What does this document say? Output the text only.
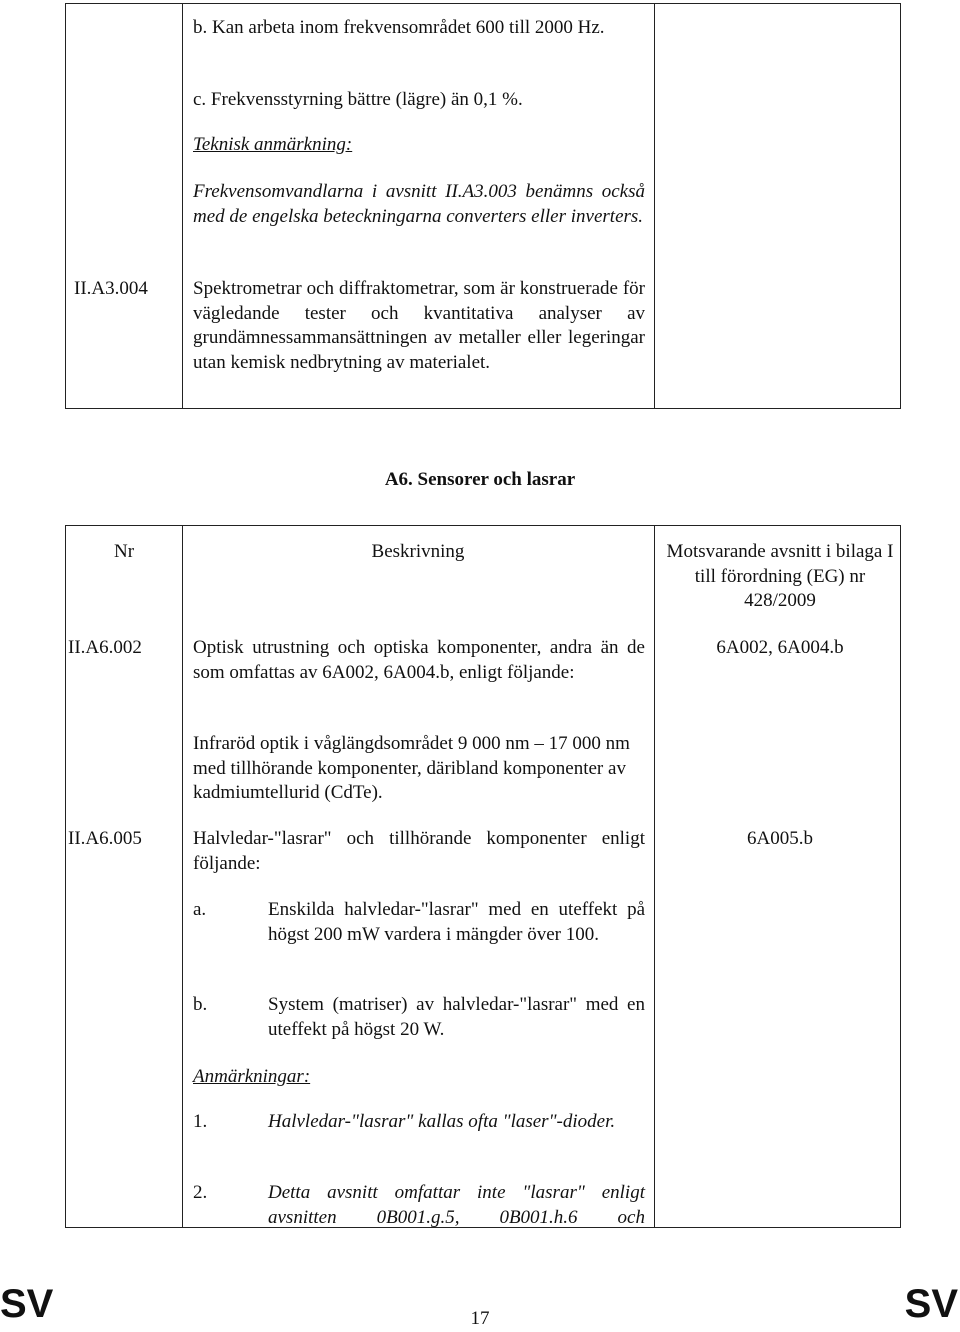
b. Kan arbeta inom frekvensområdet 600 till 2000 Hz.
c. Frekvensstyrning bättre (lägre) än 0,1 %.
Teknisk anmärkning:
Frekvensomvandlarna i avsnitt II.A3.003 benämns också med de engelska beteckningarna converters eller inverters.
II.A3.004 Spektrometrar och diffraktometrar, som är konstruerade för vägledande tester och kvantitativa analyser av grundämnessammansättningen av metaller eller legeringar utan kemisk nedbrytning av materialet.
A6. Sensorer och lasrar
Nr	Beskrivning	Motsvarande avsnitt i bilaga I till förordning (EG) nr 428/2009
II.A6.002	Optisk utrustning och optiska komponenter, andra än de som omfattas av 6A002, 6A004.b, enligt följande:
Infraröd optik i våglängdsområdet 9 000 nm – 17 000 nm med tillhörande komponenter, däribland komponenter av kadmiumtellurid (CdTe).
6A002, 6A004.b
II.A6.005	Halvledar-"lasrar" och tillhörande komponenter enligt följande:
6A005.b
a.	Enskilda halvledar-"lasrar" med en uteffekt på högst 200 mW vardera i mängder över 100.
b.	System (matriser) av halvledar-"lasrar" med en uteffekt på högst 20 W.
Anmärkningar:
1.	Halvledar-"lasrar" kallas ofta "laser"-dioder.
2.	Detta avsnitt omfattar inte "lasrar" enligt avsnitten 0B001.g.5, 0B001.h.6 och
SV	17	SV
